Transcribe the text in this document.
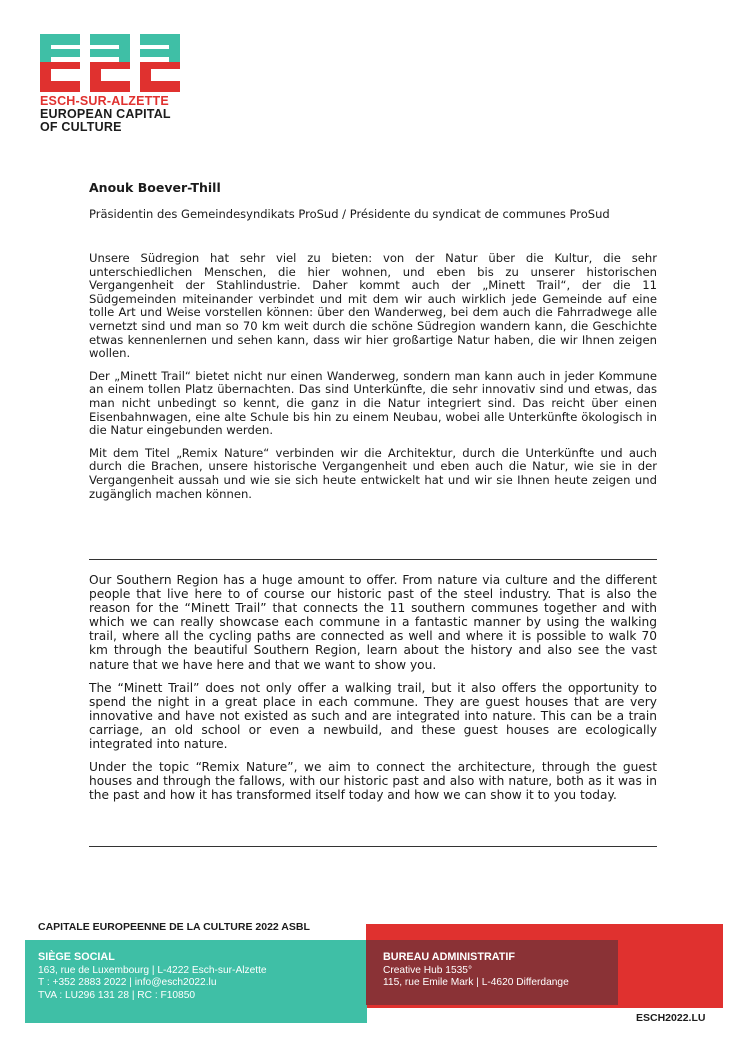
ESCH-SUR-ALZETTE
EUROPEAN CAPITAL
OF CULTURE
Anouk Boever-Thill
Präsidentin des Gemeindesyndikats ProSud / Présidente du syndicat de communes ProSud

Unsere Südregion hat sehr viel zu bieten: von der Natur über die Kultur, die sehr unterschiedlichen Menschen, die hier wohnen, und eben bis zu unserer historischen Vergangenheit der Stahlindustrie. Daher kommt auch der „Minett Trail“, der die 11 Südgemeinden miteinander verbindet und mit dem wir auch wirklich jede Gemeinde auf eine tolle Art und Weise vorstellen können: über den Wanderweg, bei dem auch die Fahrradwege alle vernetzt sind und man so 70 km weit durch die schöne Südregion wandern kann, die Geschichte etwas kennenlernen und sehen kann, dass wir hier großartige Natur haben, die wir Ihnen zeigen wollen.

Der „Minett Trail“ bietet nicht nur einen Wanderweg, sondern man kann auch in jeder Kommune an einem tollen Platz übernachten. Das sind Unterkünfte, die sehr innovativ sind und etwas, das man nicht unbedingt so kennt, die ganz in die Natur integriert sind. Das reicht über einen Eisenbahnwagen, eine alte Schule bis hin zu einem Neubau, wobei alle Unterkünfte ökologisch in die Natur eingebunden werden.

Mit dem Titel „Remix Nature“ verbinden wir die Architektur, durch die Unterkünfte und auch durch die Brachen, unsere historische Vergangenheit und eben auch die Natur, wie sie in der Vergangenheit aussah und wie sie sich heute entwickelt hat und wir sie Ihnen heute zeigen und zugänglich machen können.

Our Southern Region has a huge amount to offer. From nature via culture and the different people that live here to of course our historic past of the steel industry. That is also the reason for the “Minett Trail” that connects the 11 southern communes together and with which we can really showcase each commune in a fantastic manner by using the walking trail, where all the cycling paths are connected as well and where it is possible to walk 70 km through the beautiful Southern Region, learn about the history and also see the vast nature that we have here and that we want to show you.

The “Minett Trail” does not only offer a walking trail, but it also offers the opportunity to spend the night in a great place in each commune. They are guest houses that are very innovative and have not existed as such and are integrated into nature. This can be a train carriage, an old school or even a newbuild, and these guest houses are ecologically integrated into nature.

Under the topic “Remix Nature”, we aim to connect the architecture, through the guest houses and through the fallows, with our historic past and also with nature, both as it was in the past and how it has transformed itself today and how we can show it to you today.

CAPITALE EUROPEENNE DE LA CULTURE 2022 ASBL
SIÈGE SOCIAL
163, rue de Luxembourg | L-4222 Esch-sur-Alzette
T : +352 2883 2022 | info@esch2022.lu
TVA : LU296 131 28 | RC : F10850
BUREAU ADMINISTRATIF
Creative Hub 1535°
115, rue Emile Mark | L-4620 Differdange
ESCH2022.LU
